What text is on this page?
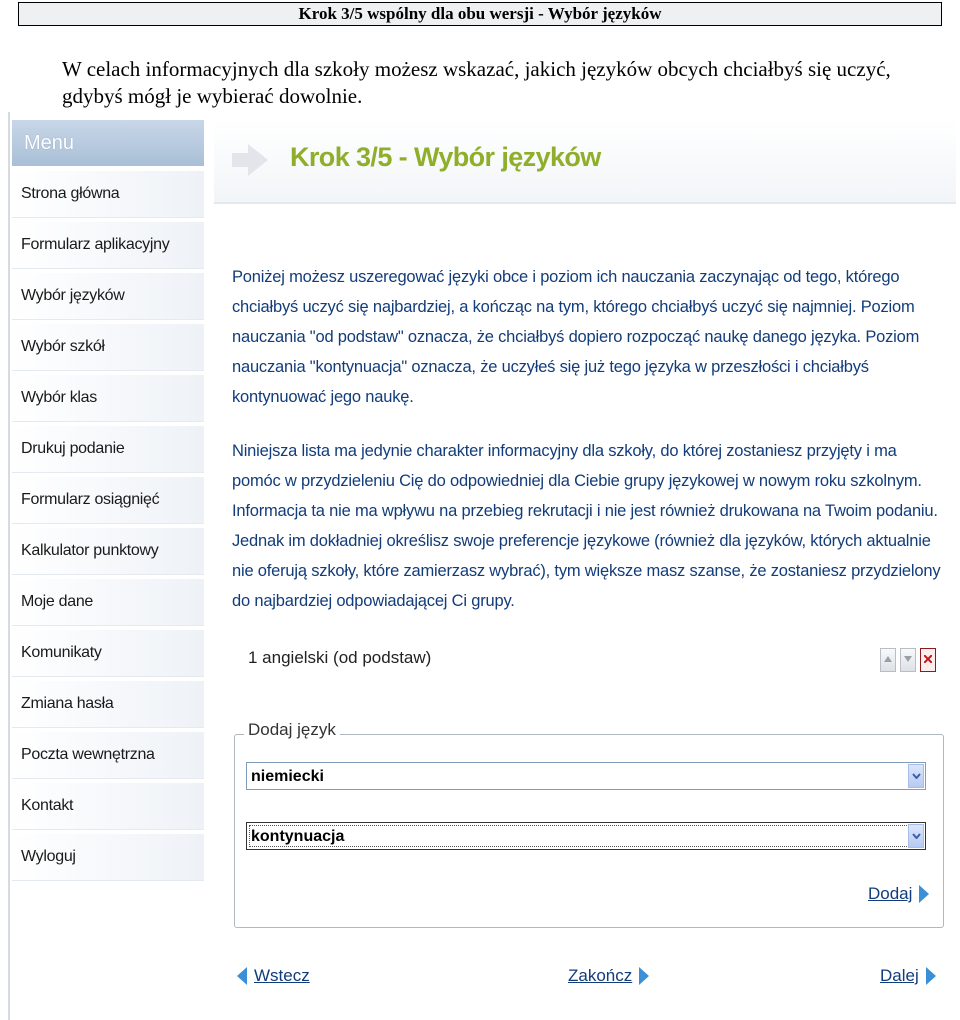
Krok 3/5 wspólny dla obu wersji - Wybór języków
W celach informacyjnych dla szkoły możesz wskazać, jakich języków obcych chciałbyś się uczyć, gdybyś mógł je wybierać dowolnie.
Menu
Strona główna
Formularz aplikacyjny
Wybór języków
Wybór szkół
Wybór klas
Drukuj podanie
Formularz osiągnięć
Kalkulator punktowy
Moje dane
Komunikaty
Zmiana hasła
Poczta wewnętrzna
Kontakt
Wyloguj
Krok 3/5 - Wybór języków
Poniżej możesz uszeregować języki obce i poziom ich nauczania zaczynając od tego, którego chciałbyś uczyć się najbardziej, a kończąc na tym, którego chciałbyś uczyć się najmniej. Poziom nauczania "od podstaw" oznacza, że chciałbyś dopiero rozpocząć naukę danego języka. Poziom nauczania "kontynuacja" oznacza, że uczyłeś się już tego języka w przeszłości i chciałbyś kontynuować jego naukę.
Niniejsza lista ma jedynie charakter informacyjny dla szkoły, do której zostaniesz przyjęty i ma pomóc w przydzieleniu Cię do odpowiedniej dla Ciebie grupy językowej w nowym roku szkolnym. Informacja ta nie ma wpływu na przebieg rekrutacji i nie jest również drukowana na Twoim podaniu. Jednak im dokładniej określisz swoje preferencje językowe (również dla języków, których aktualnie nie oferują szkoły, które zamierzasz wybrać), tym większe masz szanse, że zostaniesz przydzielony do najbardziej odpowiadającej Ci grupy.
1 angielski (od podstaw)
Dodaj język
niemiecki
kontynuacja
Dodaj
Wstecz	Zakończ	Dalej
